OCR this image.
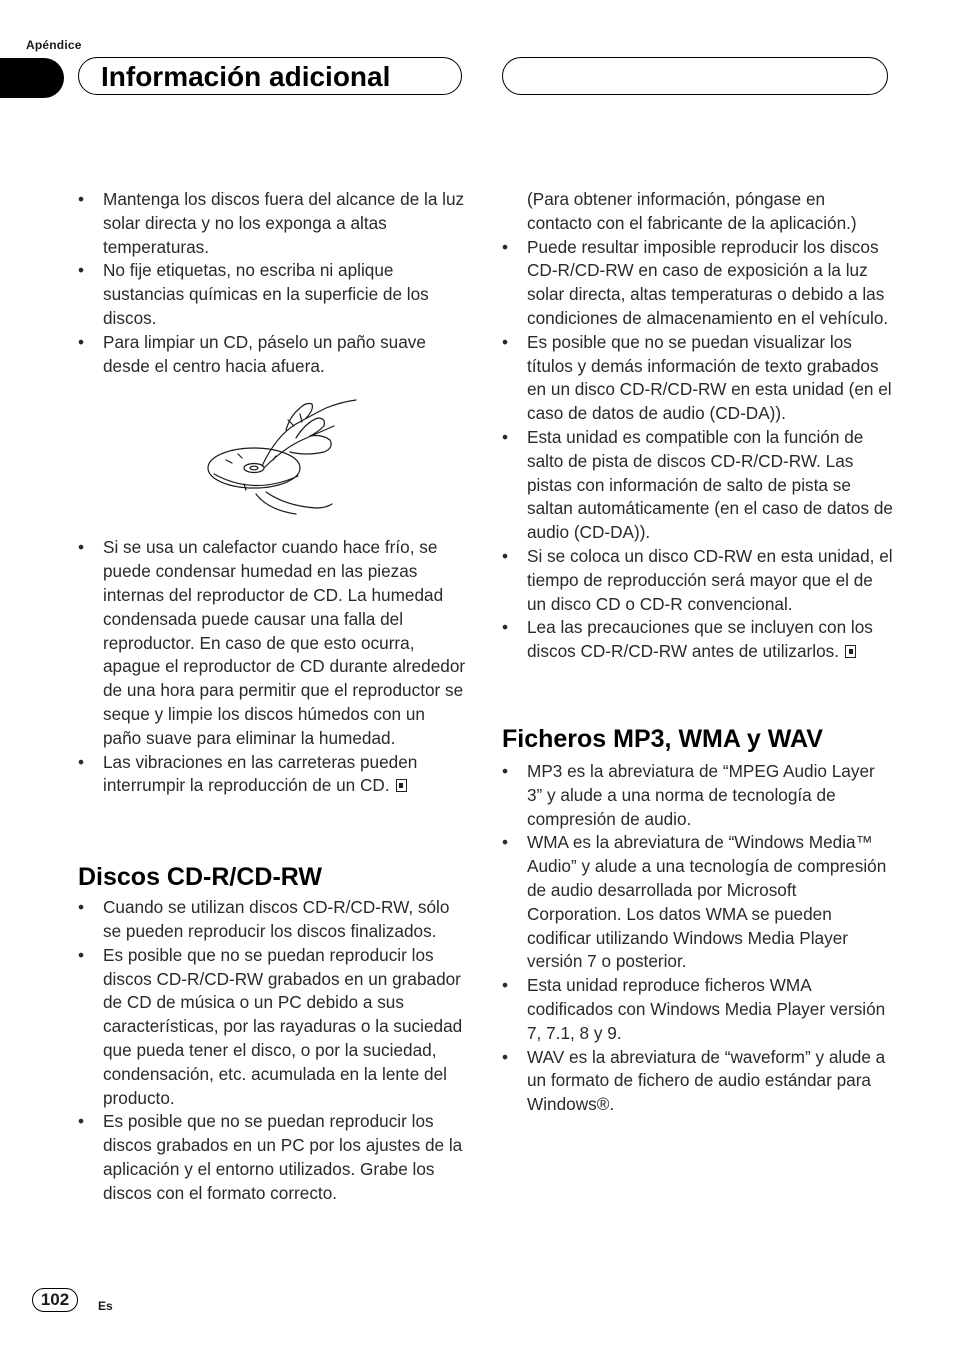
Apéndice
Información adicional
• Mantenga los discos fuera del alcance de la luz solar directa y no los exponga a altas temperaturas.
• No fije etiquetas, no escriba ni aplique sustancias químicas en la superficie de los discos.
• Para limpiar un CD, páselo un paño suave desde el centro hacia afuera.
• Si se usa un calefactor cuando hace frío, se puede condensar humedad en las piezas internas del reproductor de CD. La humedad condensada puede causar una falla del reproductor. En caso de que esto ocurra, apague el reproductor de CD durante alrededor de una hora para permitir que el reproductor se seque y limpie los discos húmedos con un paño suave para eliminar la humedad.
• Las vibraciones en las carreteras pueden interrumpir la reproducción de un CD.
Discos CD-R/CD-RW
• Cuando se utilizan discos CD-R/CD-RW, sólo se pueden reproducir los discos finalizados.
• Es posible que no se puedan reproducir los discos CD-R/CD-RW grabados en un grabador de CD de música o un PC debido a sus características, por las rayaduras o la suciedad que pueda tener el disco, o por la suciedad, condensación, etc. acumulada en la lente del producto.
• Es posible que no se puedan reproducir los discos grabados en un PC por los ajustes de la aplicación y el entorno utilizados. Grabe los discos con el formato correcto.
(Para obtener información, póngase en contacto con el fabricante de la aplicación.)
• Puede resultar imposible reproducir los discos CD-R/CD-RW en caso de exposición a la luz solar directa, altas temperaturas o debido a las condiciones de almacenamiento en el vehículo.
• Es posible que no se puedan visualizar los títulos y demás información de texto grabados en un disco CD-R/CD-RW en esta unidad (en el caso de datos de audio (CD-DA)).
• Esta unidad es compatible con la función de salto de pista de discos CD-R/CD-RW. Las pistas con información de salto de pista se saltan automáticamente (en el caso de datos de audio (CD-DA)).
• Si se coloca un disco CD-RW en esta unidad, el tiempo de reproducción será mayor que el de un disco CD o CD-R convencional.
• Lea las precauciones que se incluyen con los discos CD-R/CD-RW antes de utilizarlos.
Ficheros MP3, WMA y WAV
• MP3 es la abreviatura de “MPEG Audio Layer 3” y alude a una norma de tecnología de compresión de audio.
• WMA es la abreviatura de “Windows Media™ Audio” y alude a una tecnología de compresión de audio desarrollada por Microsoft Corporation. Los datos WMA se pueden codificar utilizando Windows Media Player versión 7 o posterior.
• Esta unidad reproduce ficheros WMA codificados con Windows Media Player versión 7, 7.1, 8 y 9.
• WAV es la abreviatura de “waveform” y alude a un formato de fichero de audio estándar para Windows®.
102	Es
